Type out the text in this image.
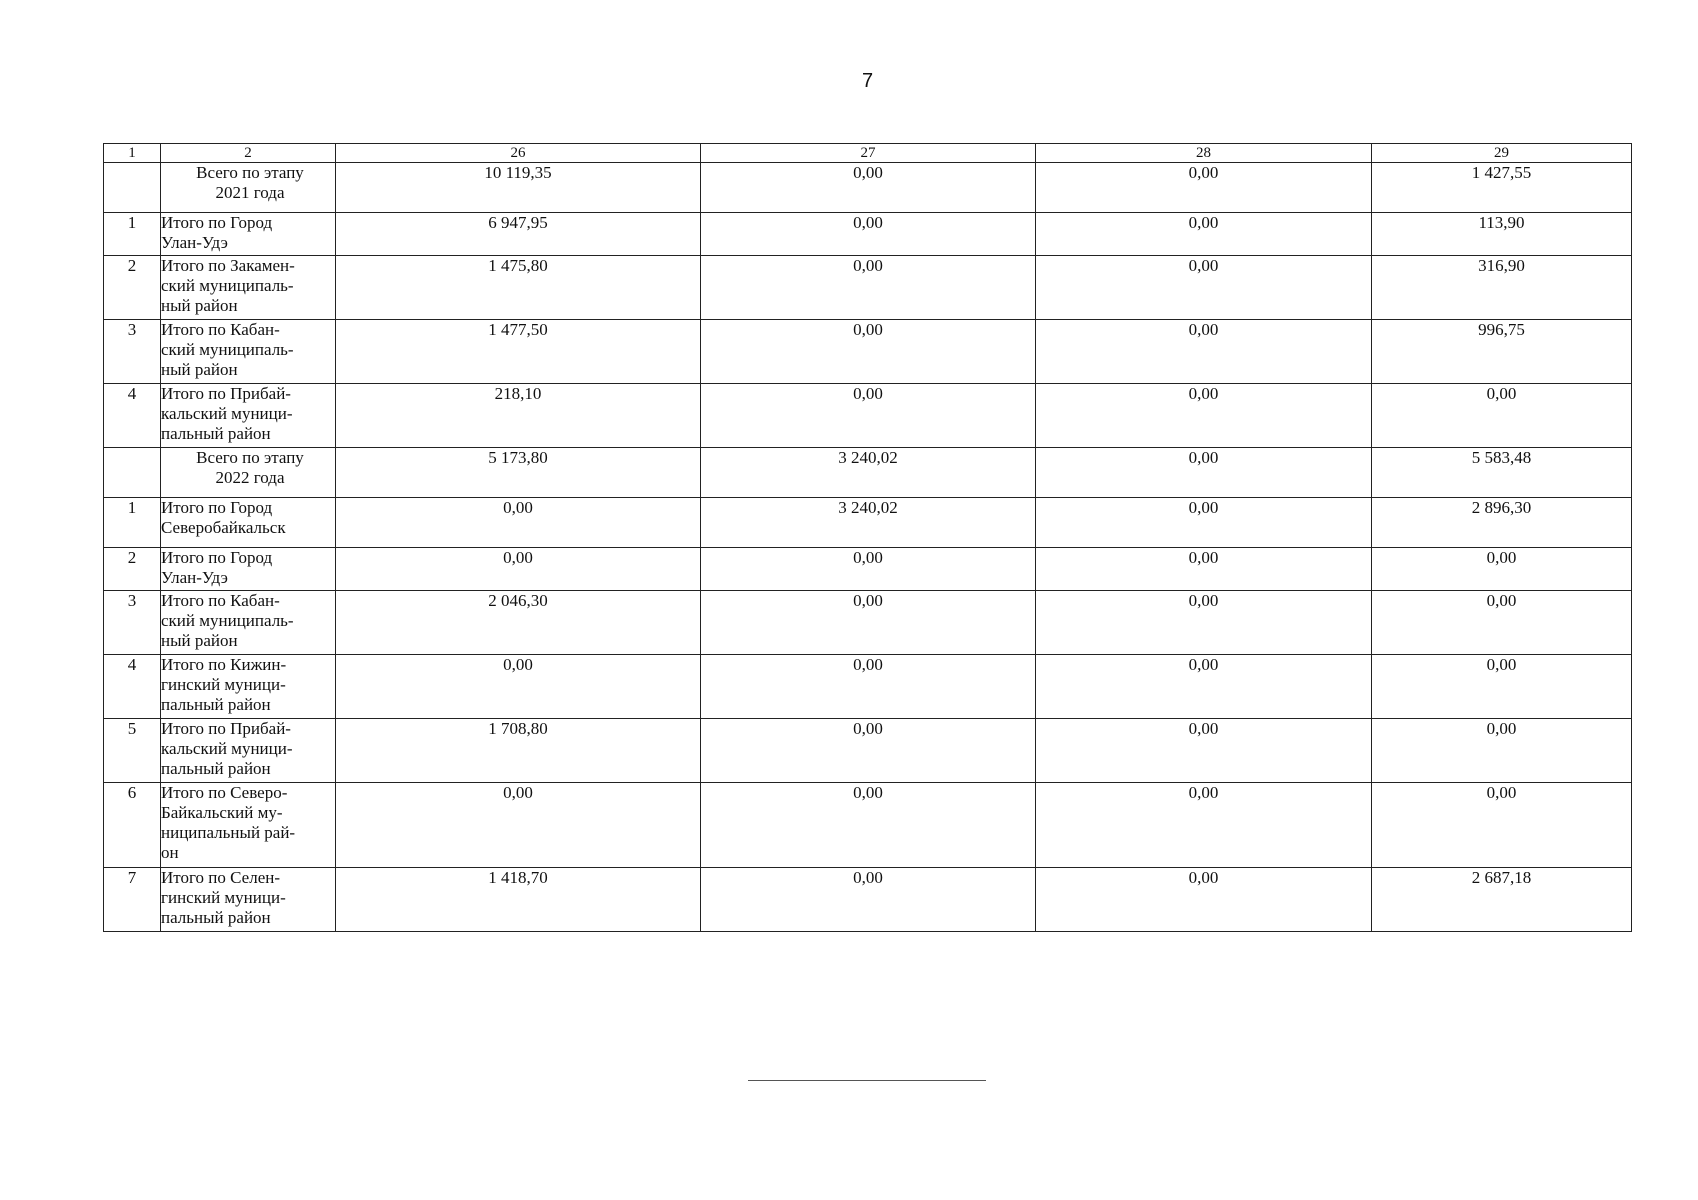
7
1	2	26	27	28	29

	Всего по этапу
2021 года	10 119,35	0,00	0,00	1 427,55
1	Итого по Город
Улан-Удэ	6 947,95	0,00	0,00	113,90
2	Итого по Закамен-
ский муниципаль-
ный район	1 475,80	0,00	0,00	316,90
3	Итого по Кабан-
ский муниципаль-
ный район	1 477,50	0,00	0,00	996,75
4	Итого по Прибай-
кальский муници-
пальный район	218,10	0,00	0,00	0,00

	Всего по этапу
2022 года	5 173,80	3 240,02	0,00	5 583,48
1	Итого по Город
Северобайкальск	0,00	3 240,02	0,00	2 896,30
2	Итого по Город
Улан-Удэ	0,00	0,00	0,00	0,00
3	Итого по Кабан-
ский муниципаль-
ный район	2 046,30	0,00	0,00	0,00
4	Итого по Кижин-
гинский муници-
пальный район	0,00	0,00	0,00	0,00
5	Итого по Прибай-
кальский муници-
пальный район	1 708,80	0,00	0,00	0,00
6	Итого по Северо-
Байкальский му-
ниципальный рай-
он	0,00	0,00	0,00	0,00
7	Итого по Селен-
гинский муници-
пальный район	1 418,70	0,00	0,00	2 687,18
